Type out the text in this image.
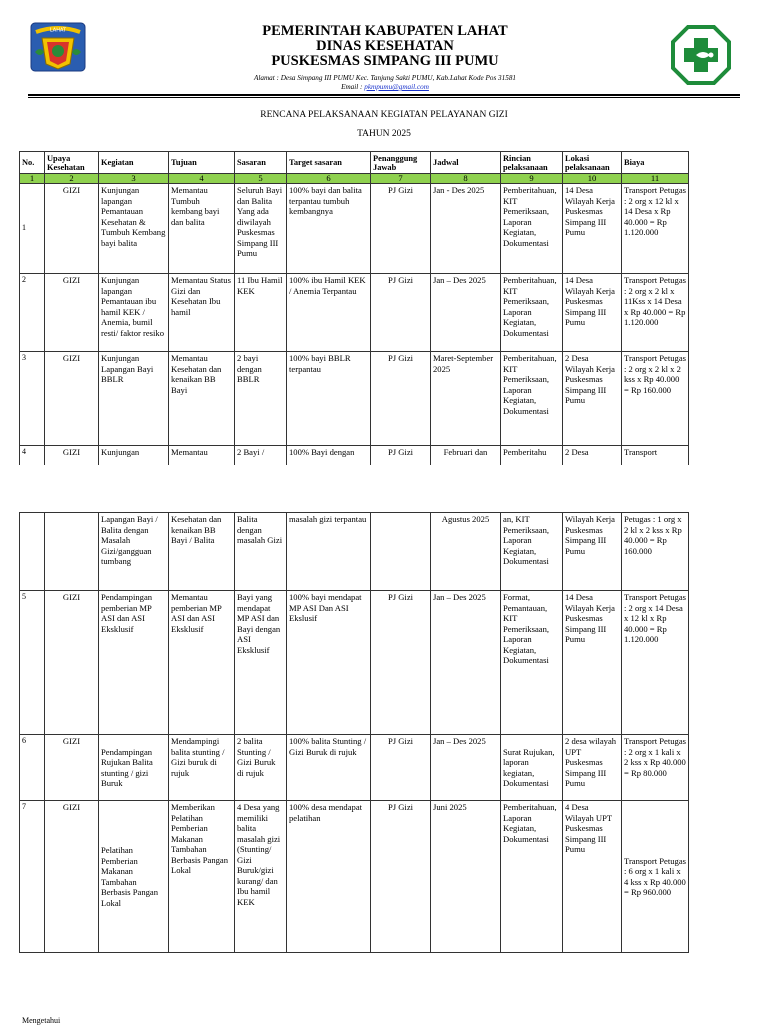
LAHAT	PEMERINTAH KABUPATEN LAHAT
DINAS KESEHATAN
PUSKESMAS SIMPANG III PUMU
Alamat : Desa Simpang III PUMU Kec. Tanjung Sakti PUMU, Kab.Lahat Kode Pos 31581
Email : pkmpumu@gmail.com
RENCANA PELAKSANAAN KEGIATAN PELAYANAN GIZI
TAHUN 2025
No.	Upaya Kesehatan	Kegiatan	Tujuan	Sasaran	Target sasaran	Penanggung Jawab	Jadwal	Rincian pelaksanaan	Lokasi pelaksanaan	Biaya
1	2	3	4	5	6	7	8	9	10	11
1	GIZI	Kunjungan lapangan Pemantauan Kesehatan & Tumbuh Kembang bayi balita	Memantau Tumbuh kembang bayi dan balita	Seluruh Bayi dan Balita Yang ada diwilayah Puskesmas Simpang III Pumu	100% bayi dan balita terpantau tumbuh kembangnya	PJ Gizi	Jan - Des 2025	Pemberitahuan, KIT Pemeriksaan, Laporan Kegiatan, Dokumentasi	14 Desa Wilayah Kerja Puskesmas Simpang III Pumu	Transport Petugas : 2 org x 12 kl x 14 Desa x Rp 40.000 = Rp 1.120.000
2	GIZI	Kunjungan lapangan Pemantauan ibu hamil KEK / Anemia, bumil resti/ faktor resiko	Memantau Status Gizi dan Kesehatan Ibu hamil	11 Ibu Hamil KEK	100% ibu Hamil KEK / Anemia Terpantau	PJ Gizi	Jan – Des 2025	Pemberitahuan, KIT Pemeriksaan, Laporan Kegiatan, Dokumentasi	14 Desa Wilayah Kerja Puskesmas Simpang III Pumu	Transport Petugas : 2 org x 2 kl x 11Kss x 14 Desa x Rp 40.000 = Rp 1.120.000
3	GIZI	Kunjungan Lapangan Bayi BBLR	Memantau Kesehatan dan kenaikan BB Bayi	2 bayi dengan BBLR	100% bayi BBLR terpantau	PJ Gizi	Maret-September 2025	Pemberitahuan, KIT Pemeriksaan, Laporan Kegiatan, Dokumentasi	2 Desa Wilayah Kerja Puskesmas Simpang III Pumu	Transport Petugas : 2 org x 2 kl x 2 kss x Rp 40.000 = Rp 160.000
4	GIZI	Kunjungan	Memantau	2 Bayi /	100% Bayi dengan	PJ Gizi	Februari dan	Pemberitahu	2 Desa	Transport
		Lapangan Bayi / Balita dengan Masalah Gizi/gangguan tumbang	Kesehatan dan kenaikan BB Bayi / Balita	Balita dengan masalah Gizi	masalah gizi terpantau		Agustus 2025	an, KIT Pemeriksaan, Laporan Kegiatan, Dokumentasi	Wilayah Kerja Puskesmas Simpang III Pumu	Petugas : 1 org x 2 kl x 2 kss x Rp 40.000 = Rp 160.000
5	GIZI	Pendampingan pemberian MP ASI dan ASI Eksklusif	Memantau pemberian MP ASI dan ASI Eksklusif	Bayi yang mendapat MP ASI dan Bayi dengan ASI Eksklusif	100% bayi mendapat MP ASI Dan ASI Ekslusif	PJ Gizi	Jan – Des 2025	Format, Pemantauan, KIT Pemeriksaan, Laporan Kegiatan, Dokumentasi	14 Desa Wilayah Kerja Puskesmas Simpang III Pumu	Transport Petugas : 2 org x 14 Desa x 12 kl x Rp 40.000 = Rp 1.120.000
6	GIZI	Pendampingan Rujukan Balita stunting / gizi Buruk	Mendampingi balita stunting / Gizi buruk di rujuk	2 balita Stunting / Gizi Buruk di rujuk	100% balita Stunting / Gizi Buruk di rujuk	PJ Gizi	Jan – Des 2025	Surat Rujukan, laporan kegiatan, Dokumentasi	2 desa wilayah UPT Puskesmas Simpang III Pumu	Transport Petugas : 2 org x 1 kali x 2 kss x Rp 40.000 = Rp 80.000
7	GIZI	Pelatihan Pemberian Makanan Tambahan Berbasis Pangan Lokal	Memberikan Pelatihan Pemberian Makanan Tambahan Berbasis Pangan Lokal	4 Desa yang memiliki balita masalah gizi (Stunting/ Gizi Buruk/gizi kurang/ dan Ibu hamil KEK	100% desa mendapat pelatihan	PJ Gizi	Juni 2025	Pemberitahuan, Laporan Kegiatan, Dokumentasi	4 Desa Wilayah UPT Puskesmas Simpang III Pumu	Transport Petugas : 6 org x 1 kali x 4 kss x Rp 40.000 = Rp 960.000
Mengetahui
